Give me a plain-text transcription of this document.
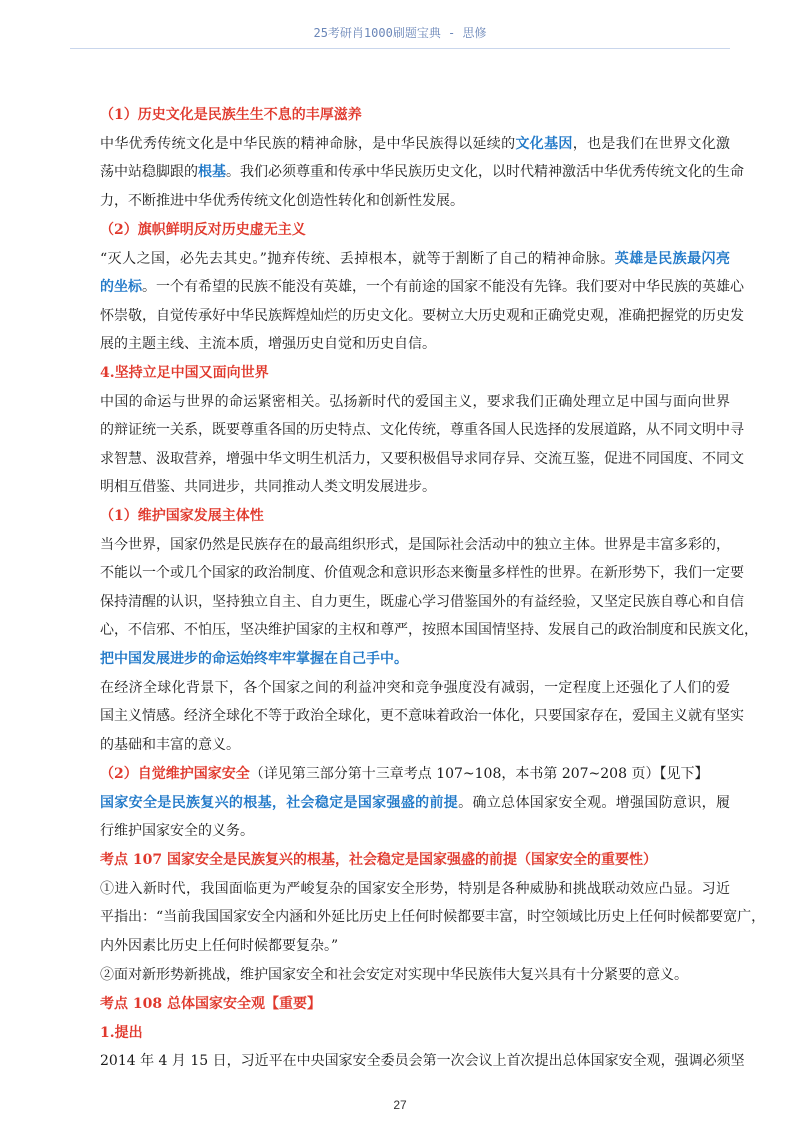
25考研肖1000刷题宝典 - 思修
（1）历史文化是民族生生不息的丰厚滋养
中华优秀传统文化是中华民族的精神命脉，是中华民族得以延续的文化基因，也是我们在世界文化激
荡中站稳脚跟的根基。我们必须尊重和传承中华民族历史文化，以时代精神激活中华优秀传统文化的生命
力，不断推进中华优秀传统文化创造性转化和创新性发展。
（2）旗帜鲜明反对历史虚无主义
“灭人之国，必先去其史。”抛弃传统、丢掉根本，就等于割断了自己的精神命脉。英雄是民族最闪亮
的坐标。一个有希望的民族不能没有英雄，一个有前途的国家不能没有先锋。我们要对中华民族的英雄心
怀崇敬，自觉传承好中华民族辉煌灿烂的历史文化。要树立大历史观和正确党史观，准确把握党的历史发
展的主题主线、主流本质，增强历史自觉和历史自信。
4.坚持立足中国又面向世界
中国的命运与世界的命运紧密相关。弘扬新时代的爱国主义，要求我们正确处理立足中国与面向世界
的辩证统一关系，既要尊重各国的历史特点、文化传统，尊重各国人民选择的发展道路，从不同文明中寻
求智慧、汲取营养，增强中华文明生机活力，又要积极倡导求同存异、交流互鉴，促进不同国度、不同文
明相互借鉴、共同进步，共同推动人类文明发展进步。
（1）维护国家发展主体性
当今世界，国家仍然是民族存在的最高组织形式，是国际社会活动中的独立主体。世界是丰富多彩的，
不能以一个或几个国家的政治制度、价值观念和意识形态来衡量多样性的世界。在新形势下，我们一定要
保持清醒的认识，坚持独立自主、自力更生，既虚心学习借鉴国外的有益经验，又坚定民族自尊心和自信
心，不信邪、不怕压，坚决维护国家的主权和尊严，按照本国国情坚持、发展自己的政治制度和民族文化，
把中国发展进步的命运始终牢牢掌握在自己手中。
在经济全球化背景下，各个国家之间的利益冲突和竞争强度没有减弱，一定程度上还强化了人们的爱
国主义情感。经济全球化不等于政治全球化，更不意味着政治一体化，只要国家存在，爱国主义就有坚实
的基础和丰富的意义。
（2）自觉维护国家安全（详见第三部分第十三章考点 107~108，本书第 207~208 页）【见下】
国家安全是民族复兴的根基，社会稳定是国家强盛的前提。确立总体国家安全观。增强国防意识，履
行维护国家安全的义务。
考点 107 国家安全是民族复兴的根基，社会稳定是国家强盛的前提（国家安全的重要性）
①进入新时代，我国面临更为严峻复杂的国家安全形势，特别是各种威胁和挑战联动效应凸显。习近
平指出：“当前我国国家安全内涵和外延比历史上任何时候都要丰富，时空领域比历史上任何时候都要宽广，
内外因素比历史上任何时候都要复杂。”
②面对新形势新挑战，维护国家安全和社会安定对实现中华民族伟大复兴具有十分紧要的意义。
考点 108 总体国家安全观【重要】
1.提出
2014 年 4 月 15 日，习近平在中央国家安全委员会第一次会议上首次提出总体国家安全观，强调必须坚
27
